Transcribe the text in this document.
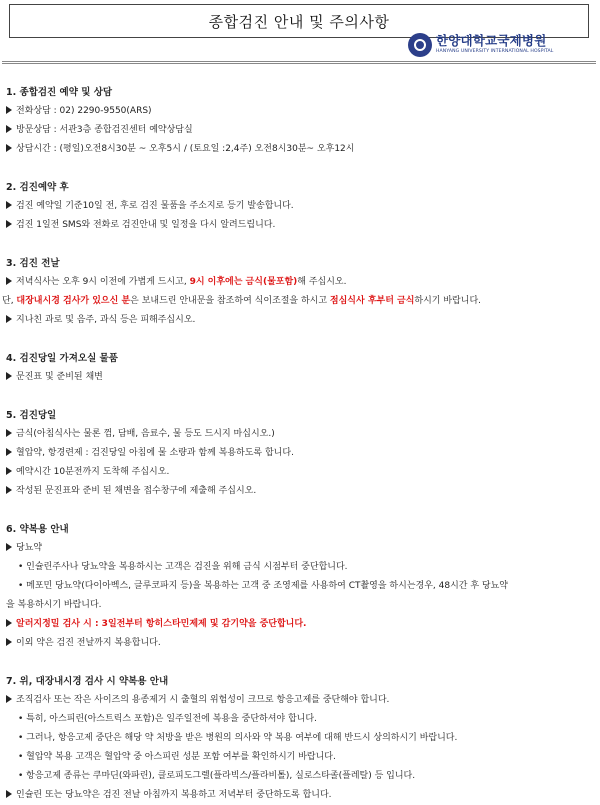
종합검진 안내 및 주의사항
한양대학교국제병원
HANYANG UNIVERSITY INTERNATIONAL HOSPITAL
1. 종합검진 예약 및 상담
전화상담 : 02) 2290-9550(ARS)
방문상담 : 서관3층 종합검진센터 예약상담실
상담시간 : (평일)오전8시30분 ~ 오후5시 / (토요일 :2,4주) 오전8시30분~ 오후12시
2. 검진예약 후
검진 예약일 기준10일 전, 후로 검진 물품을 주소지로 등기 발송합니다.
검진 1일전 SMS와 전화로 검진안내 및 일정을 다시 알려드립니다.
3. 검진 전날
저녁식사는 오후 9시 이전에 가볍게 드시고, 9시 이후에는 금식(물포함)해 주십시오.
단, 대장내시경 검사가 있으신 분은 보내드린 안내문을 참조하여 식이조절을 하시고 점심식사 후부터 금식하시기 바랍니다.
지나친 과로 및 음주, 과식 등은 피해주십시오.
4. 검진당일 가져오실 물품
문진표 및 준비된 채변
5. 검진당일
금식(아침식사는 물론 껌, 담배, 음료수, 물 등도 드시지 마십시오.)
혈압약, 항경련제 : 검진당일 아침에 물 소량과 함께 복용하도록 합니다.
예약시간 10분전까지 도착해 주십시오.
작성된 문진표와 준비 된 채변을 접수창구에 제출해 주십시오.
6. 약복용 안내
당뇨약
• 인슐린주사나 당뇨약을 복용하시는 고객은 검진을 위해 금식 시점부터 중단합니다.
• 메포민 당뇨약(다이아벡스, 글루코파지 등)을 복용하는 고객 중 조영제를 사용하여 CT촬영을 하시는경우, 48시간 후 당뇨약
을 복용하시기 바랍니다.
알러지정밀 검사 시 : 3일전부터 항히스타민제제 및 감기약을 중단합니다.
이외 약은 검진 전날까지 복용합니다.
7. 위, 대장내시경 검사 시 약복용 안내
조직검사 또는 작은 사이즈의 용종제거 시 출혈의 위험성이 크므로 항응고제를 중단해야 합니다.
• 특히, 아스피린(아스트릭스 포함)은 일주일전에 복용을 중단하셔야 합니다.
• 그러나, 항응고제 중단은 해당 약 처방을 받은 병원의 의사와 약 복용 여부에 대해 반드시 상의하시기 바랍니다.
• 혈압약 복용 고객은 혈압약 중 아스피린 성분 포함 여부를 확인하시기 바랍니다.
• 항응고제 종류는 쿠마딘(와파린), 클로피도그렐(플라빅스/플라비톨), 실로스타졸(플레탈) 등 입니다.
인슐린 또는 당뇨약은 검진 전날 아침까지 복용하고 저녁부터 중단하도록 합니다.
